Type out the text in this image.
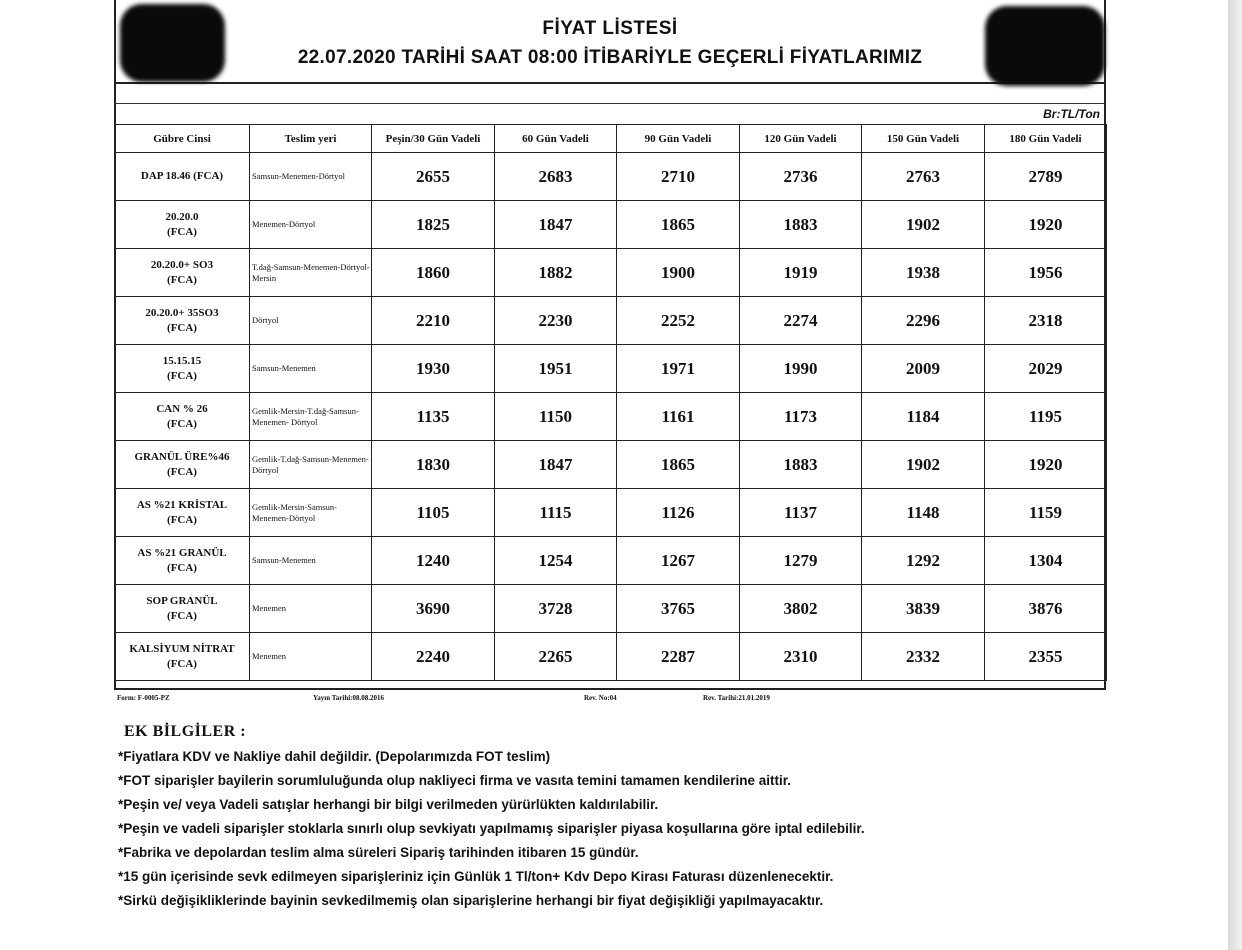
FİYAT LİSTESİ
22.07.2020 TARİHİ SAAT 08:00 İTİBARİYLE GEÇERLİ FİYATLARIMIZ
Br:TL/Ton
Gübre Cinsi	Teslim yeri	Peşin/30 Gün Vadeli	60 Gün Vadeli	90 Gün Vadeli	120 Gün Vadeli	150 Gün Vadeli	180 Gün Vadeli

DAP 18.46 (FCA)	Samsun-Menemen-Dörtyol	2655	2683	2710	2736	2763	2789

20.20.0
(FCA)	Menemen-Dörtyol	1825	1847	1865	1883	1902	1920

20.20.0+ SO3
(FCA)	T.dağ-Samsun-Menemen-Dörtyol-Mersin	1860	1882	1900	1919	1938	1956

20.20.0+ 35SO3
(FCA)	Dörtyol	2210	2230	2252	2274	2296	2318

15.15.15
(FCA)	Samsun-Menemen	1930	1951	1971	1990	2009	2029

CAN % 26
(FCA)	Gemlik-Mersin-T.dağ-Samsun-Menemen- Dörtyol	1135	1150	1161	1173	1184	1195

GRANÜL ÜRE%46
(FCA)	Gemlik-T.dağ-Samsun-Menemen- Dörtyol	1830	1847	1865	1883	1902	1920

AS %21 KRİSTAL
(FCA)	Gemlik-Mersin-Samsun-Menemen-Dörtyol	1105	1115	1126	1137	1148	1159

AS %21 GRANÜL
(FCA)	Samsun-Menemen	1240	1254	1267	1279	1292	1304

SOP GRANÜL
(FCA)	Menemen	3690	3728	3765	3802	3839	3876

KALSİYUM NİTRAT
(FCA)	Menemen	2240	2265	2287	2310	2332	2355
Form: F-0005-PZ	Yayın Tarihi:08.08.2016	Rev. No:04	Rev. Tarihi:21.01.2019
EK BİLGİLER :
*Fiyatlara KDV ve Nakliye dahil değildir. (Depolarımızda FOT teslim)
*FOT siparişler bayilerin sorumluluğunda olup nakliyeci firma ve vasıta temini tamamen kendilerine aittir.
*Peşin ve/ veya Vadeli satışlar herhangi bir bilgi verilmeden yürürlükten kaldırılabilir.
*Peşin ve vadeli siparişler stoklarla sınırlı olup sevkiyatı yapılmamış siparişler piyasa koşullarına göre iptal edilebilir.
*Fabrika ve depolardan teslim alma süreleri Sipariş tarihinden itibaren 15 gündür.
*15 gün içerisinde sevk edilmeyen siparişleriniz için Günlük 1 Tl/ton+ Kdv Depo Kirası Faturası düzenlenecektir.
*Sirkü değişikliklerinde bayinin sevkedilmemiş olan siparişlerine herhangi bir fiyat değişikliği yapılmayacaktır.
